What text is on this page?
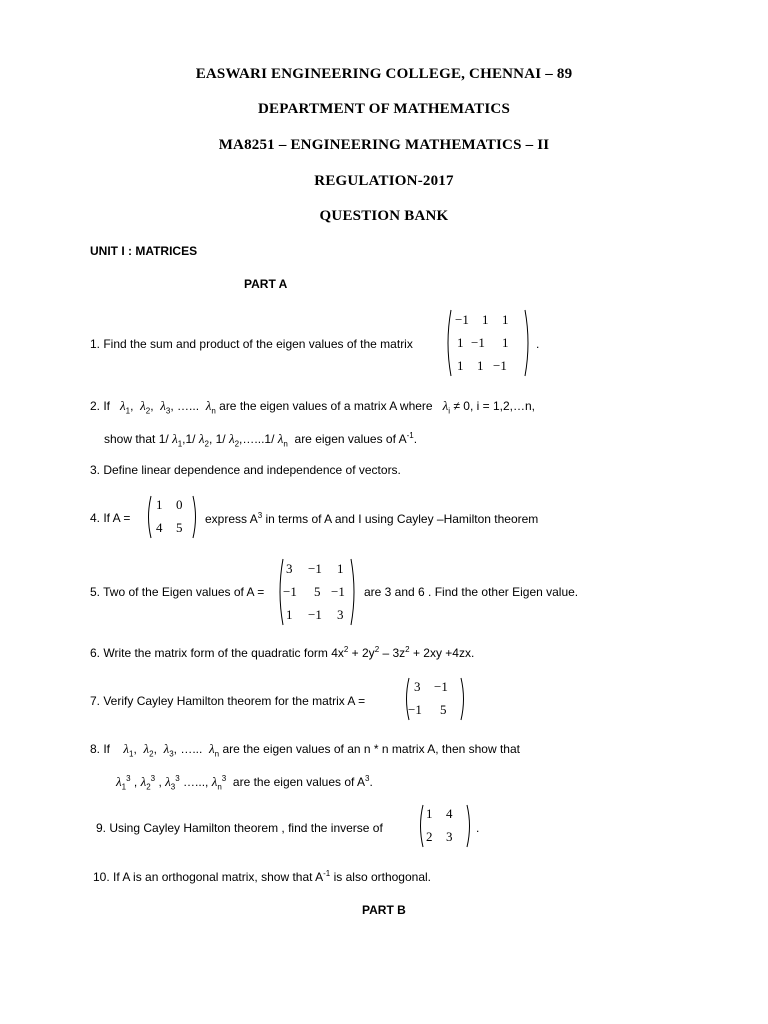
EASWARI ENGINEERING COLLEGE, CHENNAI – 89
DEPARTMENT OF MATHEMATICS
MA8251 – ENGINEERING MATHEMATICS – II
REGULATION-2017
QUESTION BANK
UNIT I : MATRICES
PART A
1. Find the sum and product of the eigen values of the matrix
−1 1 1
1 −1 1
1 1 −1
.
2. If $\lambda_1$,  $\lambda_2$,  $\lambda_3$, …...  $\lambda_n$ are the eigen values of a matrix A where $\lambda_i \ne 0$, i = 1,2,…n,
show that 1/ $\lambda_1,1/$ $\lambda_2$, 1/ $\lambda_2,\dots...1/$ $\lambda_n$ are eigen values of $A^{-1}$.
3. Define linear dependence and independence of vectors.
4. If A =
1 0
4 5
express $A^3$ in terms of A and I using Cayley –Hamilton theorem
5. Two of the Eigen values of A =
3 −1 1
−1 5 −1
1 −1 3
are 3 and 6 . Find the other Eigen value.
6. Write the matrix form of the quadratic form $4x^2 + 2y^2 - 3z^2 + 2xy +4zx$.
7. Verify Cayley Hamilton theorem for the matrix A =
3 −1
−1 5
8. If $\lambda_1$,  $\lambda_2$,  $\lambda_3$, …...  $\lambda_n$ are the eigen values of an n * n matrix A, then show that
$\lambda_1^3$ , $\lambda_2^3$ , $\lambda_3^3$ …..., $\lambda_n^3$ are the eigen values of $A^3$.
9. Using Cayley Hamilton theorem , find the inverse of
1 4
2 3
.
10. If A is an orthogonal matrix, show that $A^{-1}$ is also orthogonal.
PART B
